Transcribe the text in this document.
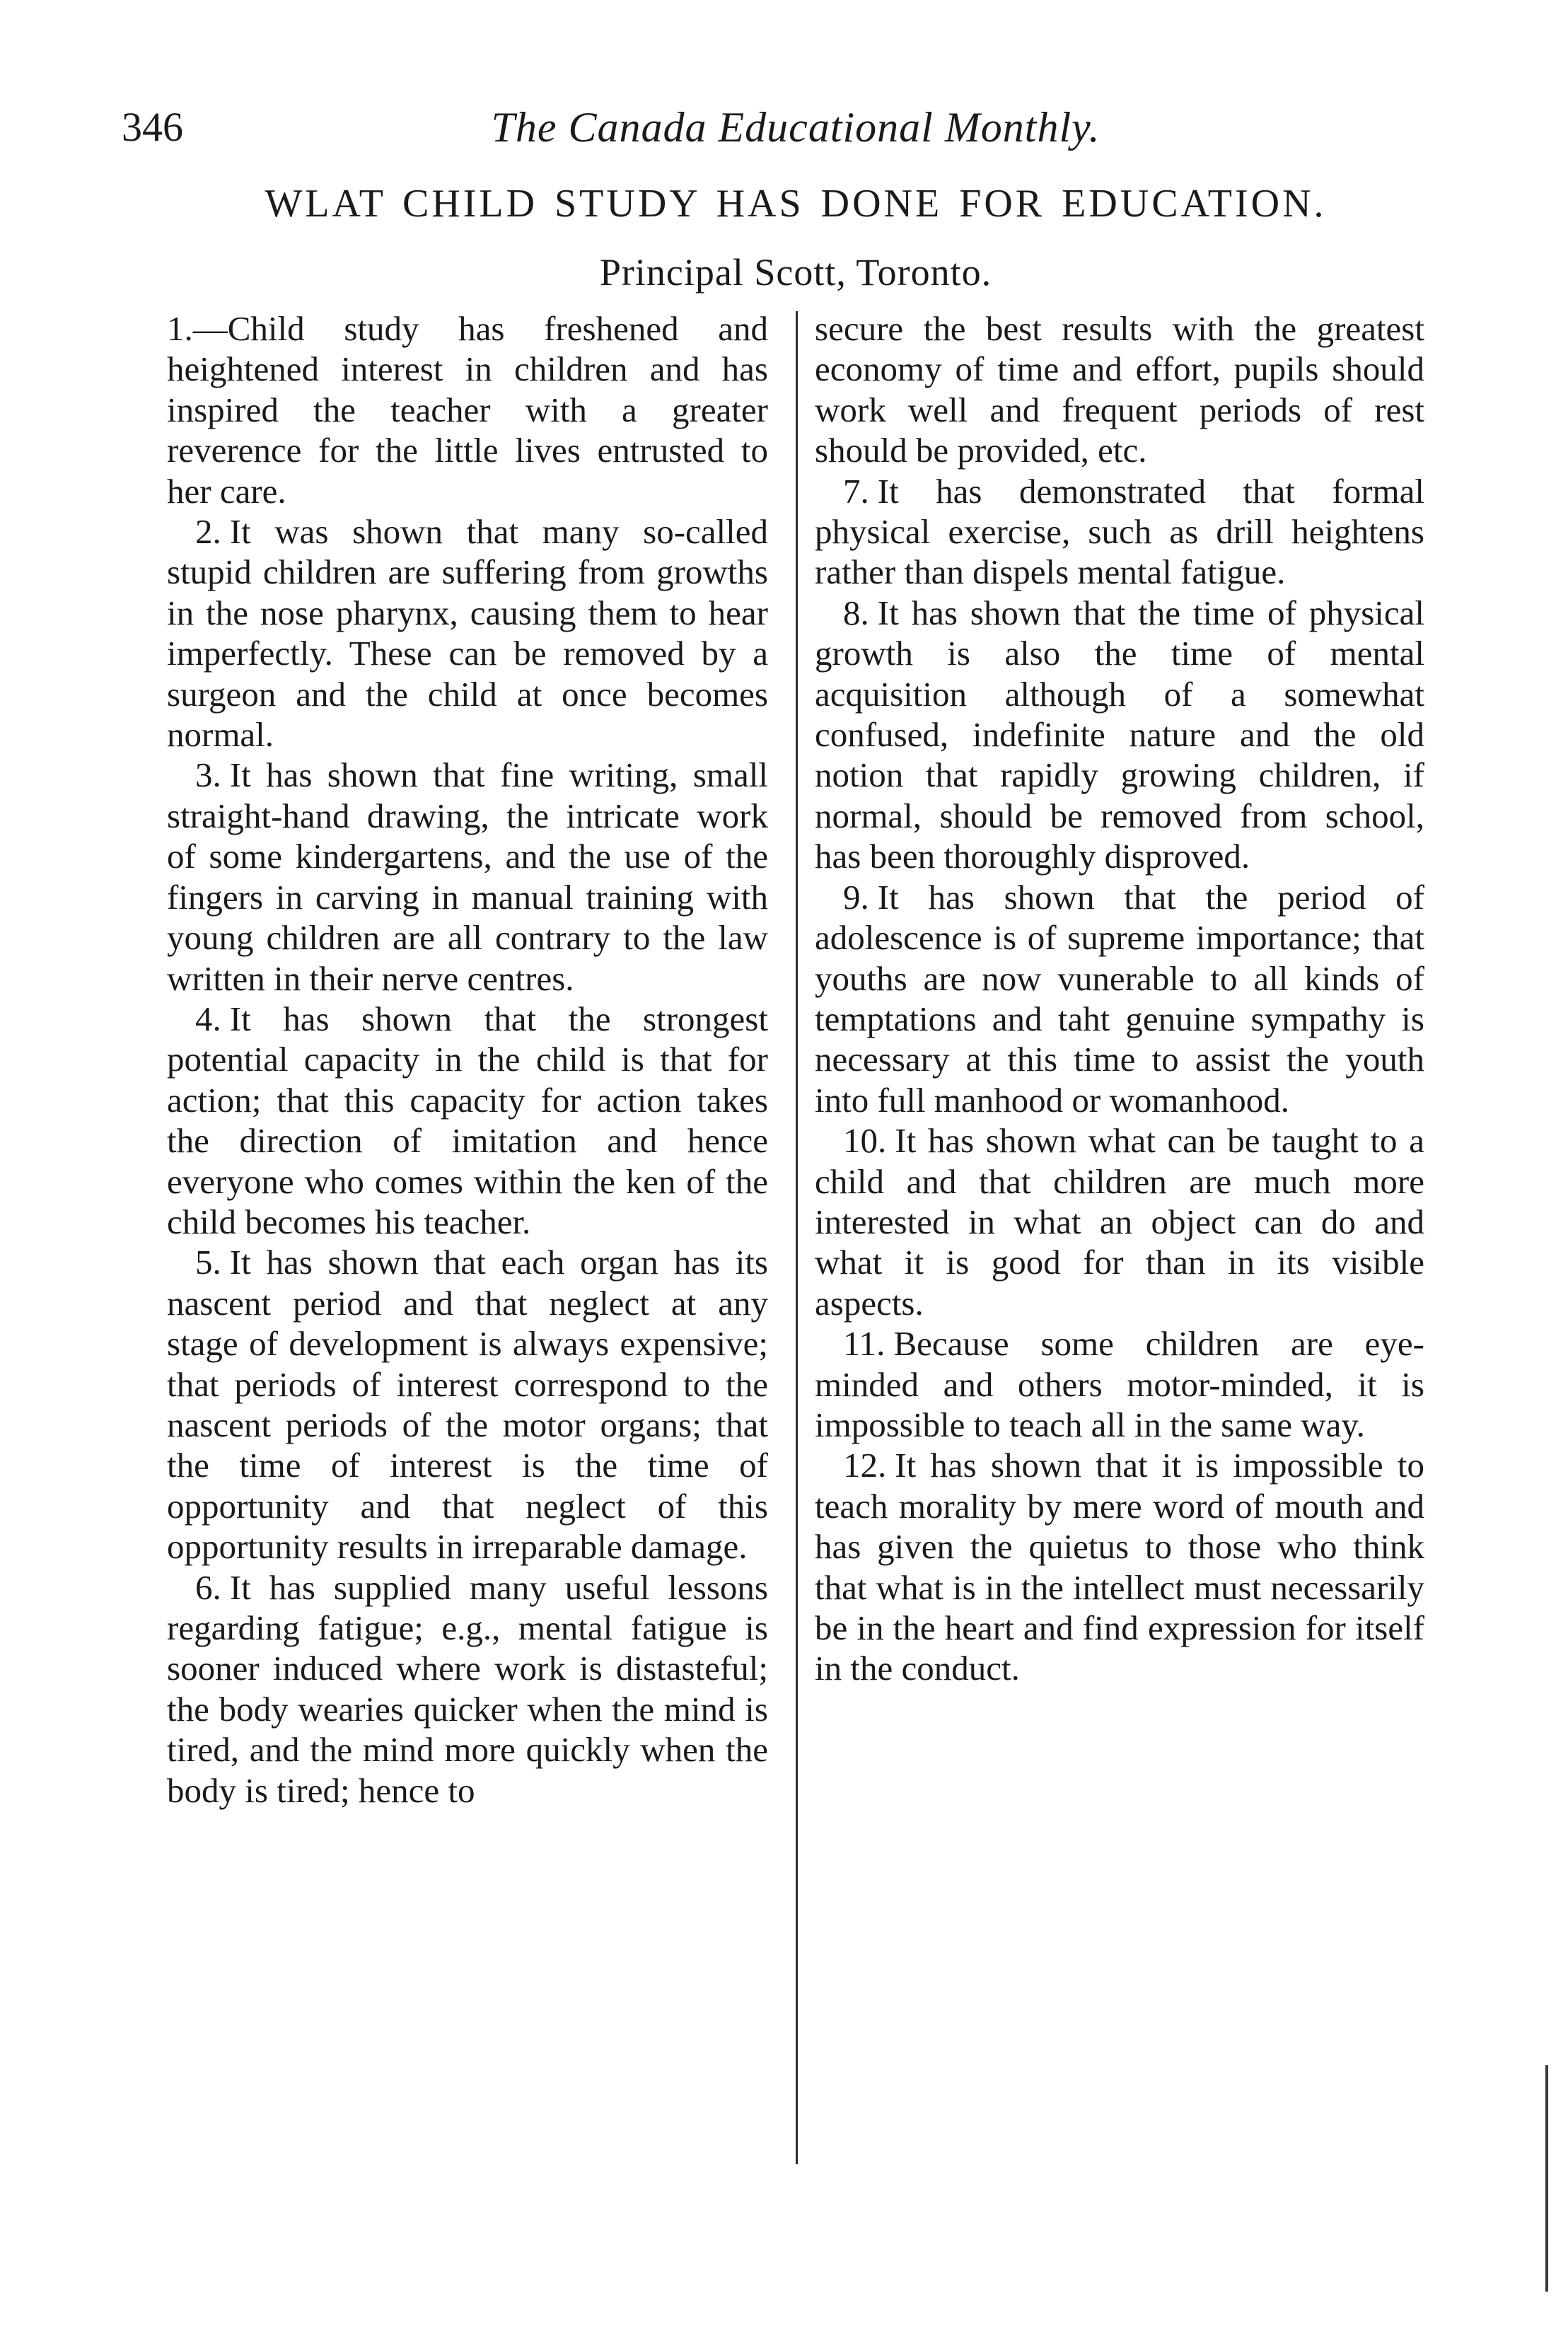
346	The Canada Educational Monthly.
WLAT CHILD STUDY HAS DONE FOR EDUCATION.
Principal Scott, Toronto.

1.—Child study has freshened and heightened interest in children and has inspired the teacher with a greater reverence for the little lives entrusted to her care.

2. It was shown that many so-called stupid children are suffering from growths in the nose pharynx, causing them to hear imperfectly. These can be removed by a surgeon and the child at once becomes normal.

3. It has shown that fine writing, small straight-hand drawing, the intricate work of some kindergartens, and the use of the fingers in carving in manual training with young children are all contrary to the law written in their nerve centres.

4. It has shown that the strongest potential capacity in the child is that for action; that this capacity for action takes the direction of imitation and hence everyone who comes within the ken of the child becomes his teacher.

5. It has shown that each organ has its nascent period and that neglect at any stage of development is always expensive; that periods of interest correspond to the nascent periods of the motor organs; that the time of interest is the time of opportunity and that neglect of this opportunity results in irreparable damage.

6. It has supplied many useful lessons regarding fatigue; e.g., mental fatigue is sooner induced where work is distasteful; the body wearies quicker when the mind is tired, and the mind more quickly when the body is tired; hence to

secure the best results with the greatest economy of time and effort, pupils should work well and frequent periods of rest should be provided, etc.

7. It has demonstrated that formal physical exercise, such as drill heightens rather than dispels mental fatigue.

8. It has shown that the time of physical growth is also the time of mental acquisition although of a somewhat confused, indefinite nature and the old notion that rapidly growing children, if normal, should be removed from school, has been thoroughly disproved.

9. It has shown that the period of adolescence is of supreme importance; that youths are now vunerable to all kinds of temptations and taht genuine sympathy is necessary at this time to assist the youth into full manhood or womanhood.

10. It has shown what can be taught to a child and that children are much more interested in what an object can do and what it is good for than in its visible aspects.

11. Because some children are eye-minded and others motor-minded, it is impossible to teach all in the same way.

12. It has shown that it is impossible to teach morality by mere word of mouth and has given the quietus to those who think that what is in the intellect must necessarily be in the heart and find expression for itself in the conduct.
